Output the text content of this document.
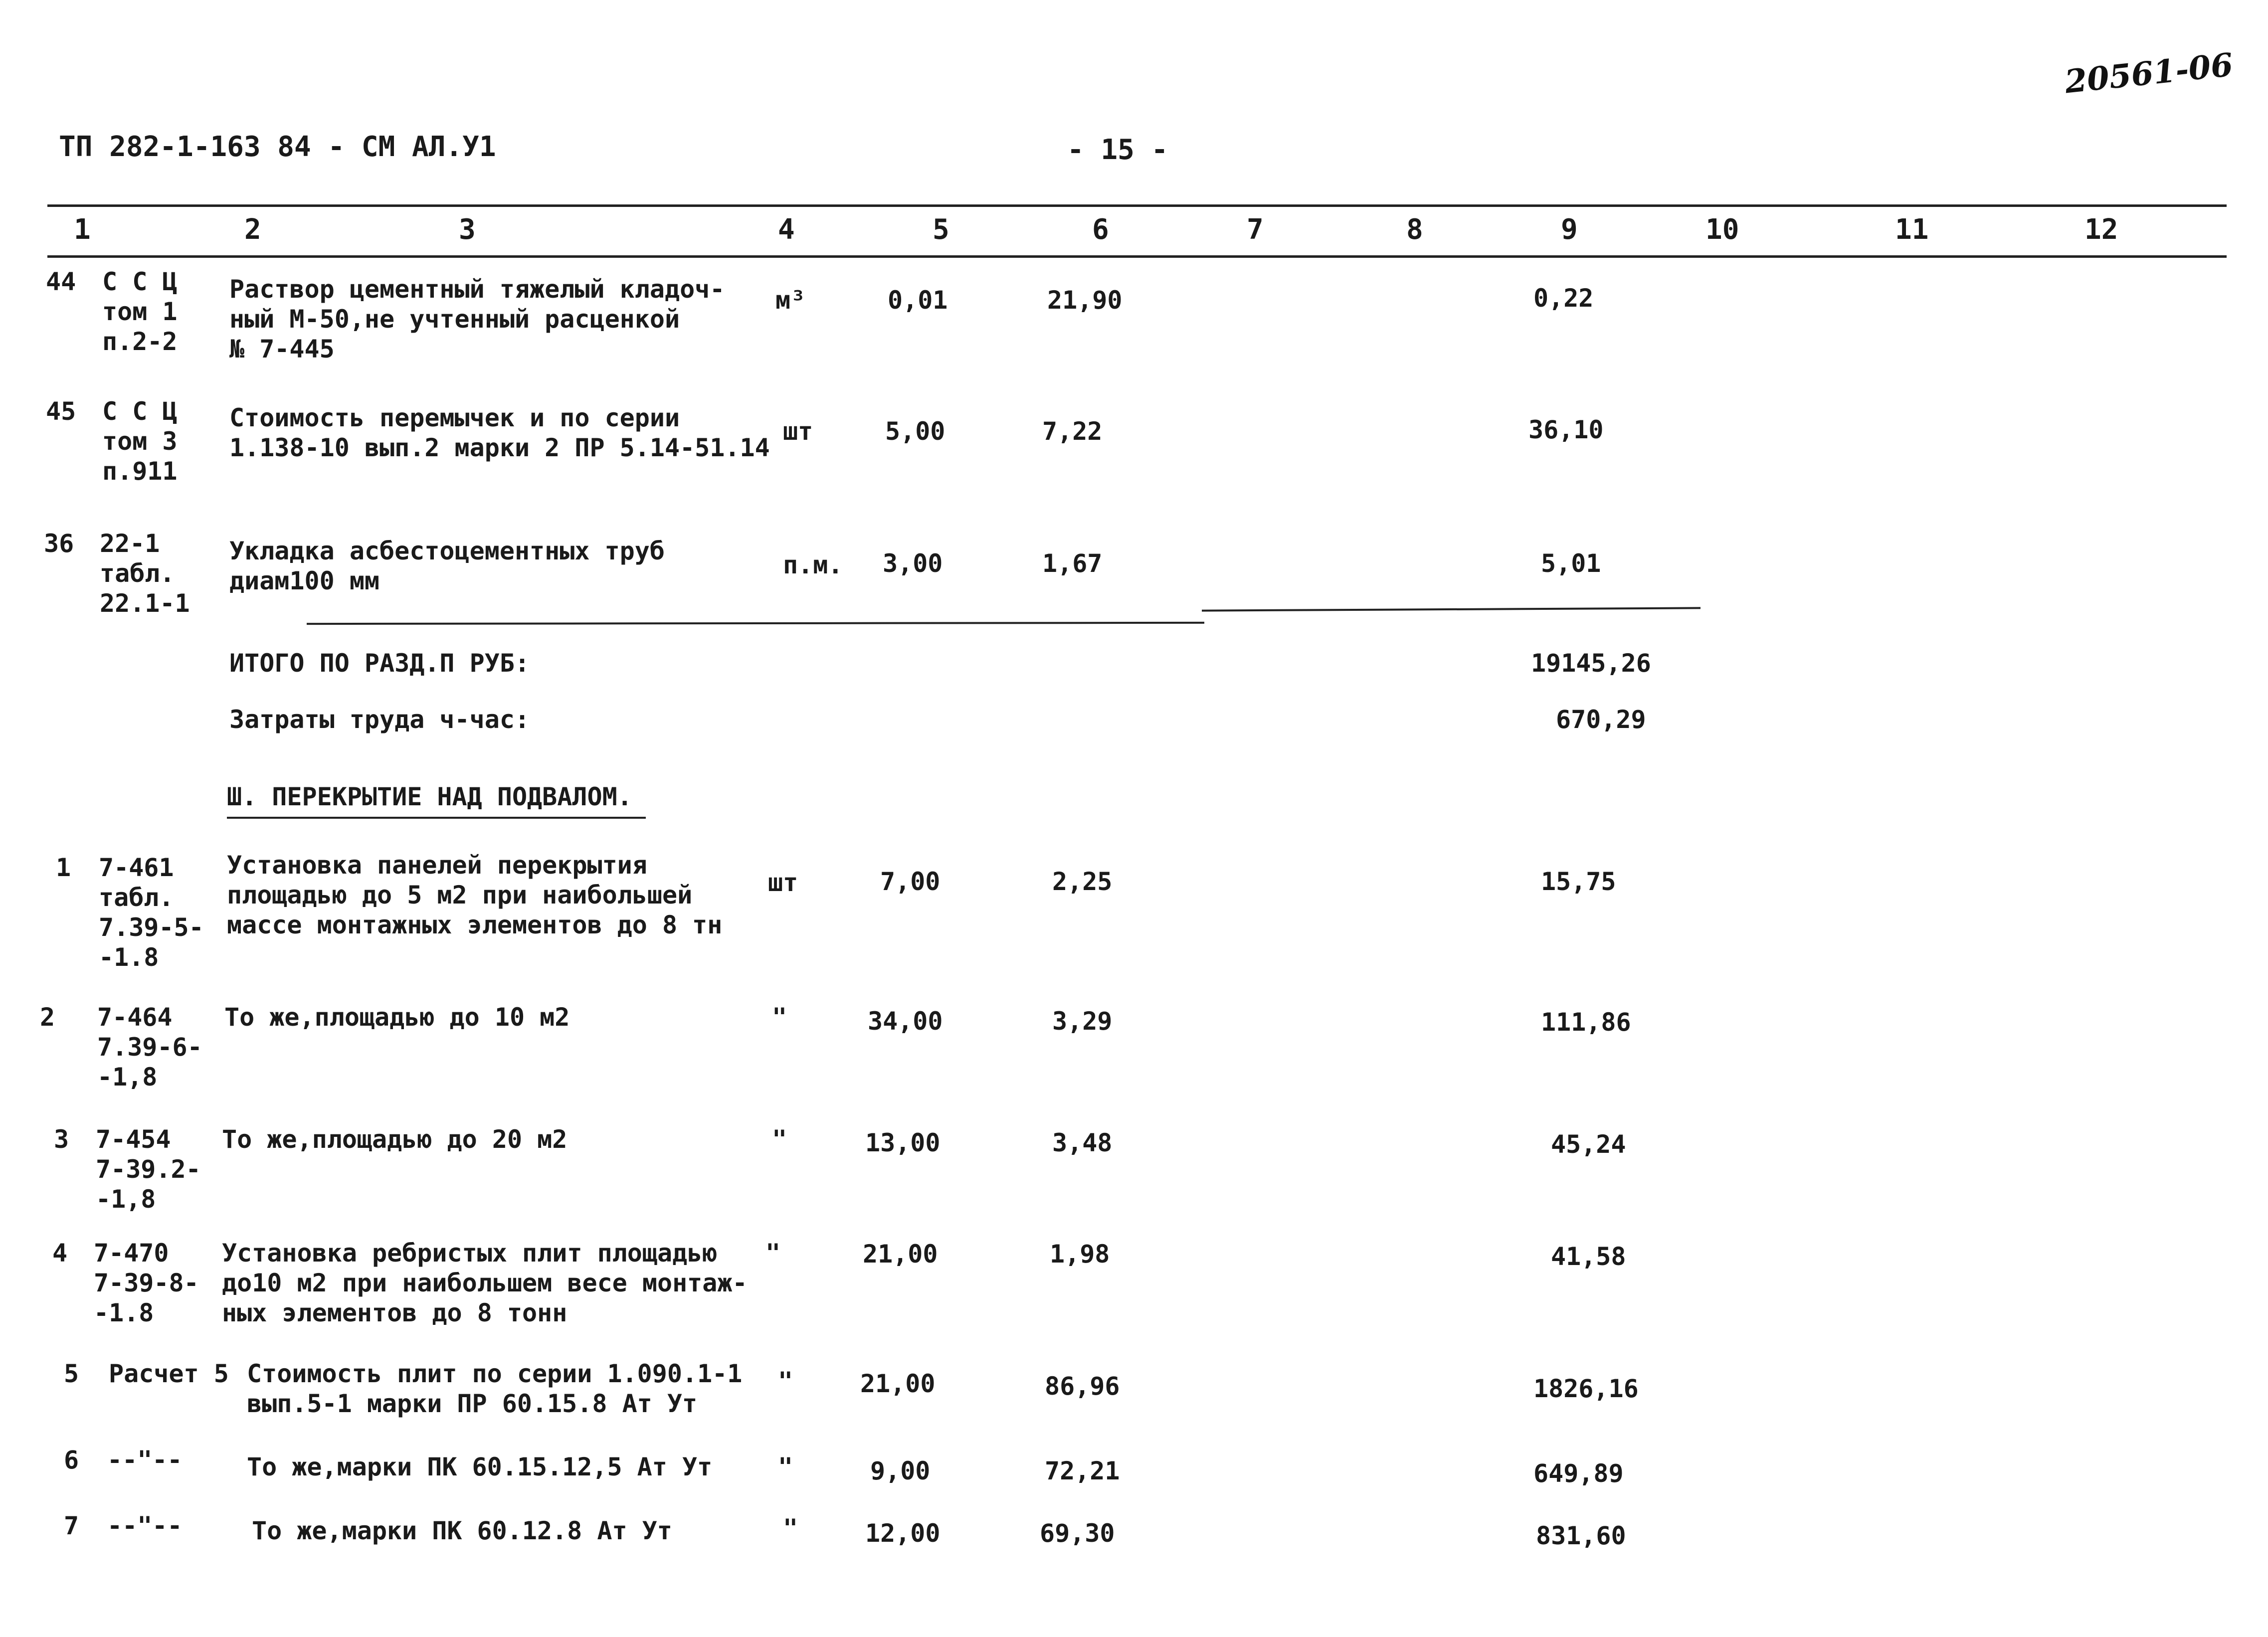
20561-06
ТП 282-1-163 84 - СМ АЛ.У1	- 15 -
1	2	3	4	5	6	7	8	9	10	11	12
44 С С Ц
том 1
п.2-2
Раствор цементный тяжелый кладоч-
ный М-50,не учтенный расценкой
№ 7-445
м³	0,01	21,90	0,22
45 С С Ц
том 3
п.911
Стоимость перемычек и по серии
1.138-10 вып.2 марки 2 ПР 5.14-51.14
шт	5,00	7,22	36,10
36 22-1
табл.
22.1-1
Укладка асбестоцементных труб
диам100 мм
п.м. 3,00	1,67	5,01
ИТОГО ПО РАЗД.П РУБ:	19145,26
Затраты труда ч-час:	670,29
Ш. ПЕРЕКРЫТИЕ НАД ПОДВАЛОМ.
1 7-461
табл.
7.39-5-
-1.8
Установка панелей перекрытия
площадью до 5 м2 при наибольшей
массе монтажных элементов до 8 тн
шт	7,00	2,25	15,75
2 7-464
7.39-6-
-1,8
То же,площадью до 10 м2	"	34,00	3,29	111,86
3 7-454
7-39.2-
-1,8
То же,площадью до 20 м2	"	13,00	3,48	45,24
4 7-470
7-39-8-
-1.8
Установка ребристых плит площадью
до10 м2 при наибольшем весе монтаж-
ных элементов до 8 тонн
"	21,00	1,98	41,58
5 Расчет 5 Стоимость плит по серии 1.090.1-1
вып.5-1 марки ПР 60.15.8 Ат Ут
"	21,00	86,96	1826,16
6 --"--	То же,марки ПК 60.15.12,5 Ат Ут	"	9,00	72,21	649,89
7 --"--	То же,марки ПК 60.12.8 Ат Ут	"	12,00	69,30	831,60
